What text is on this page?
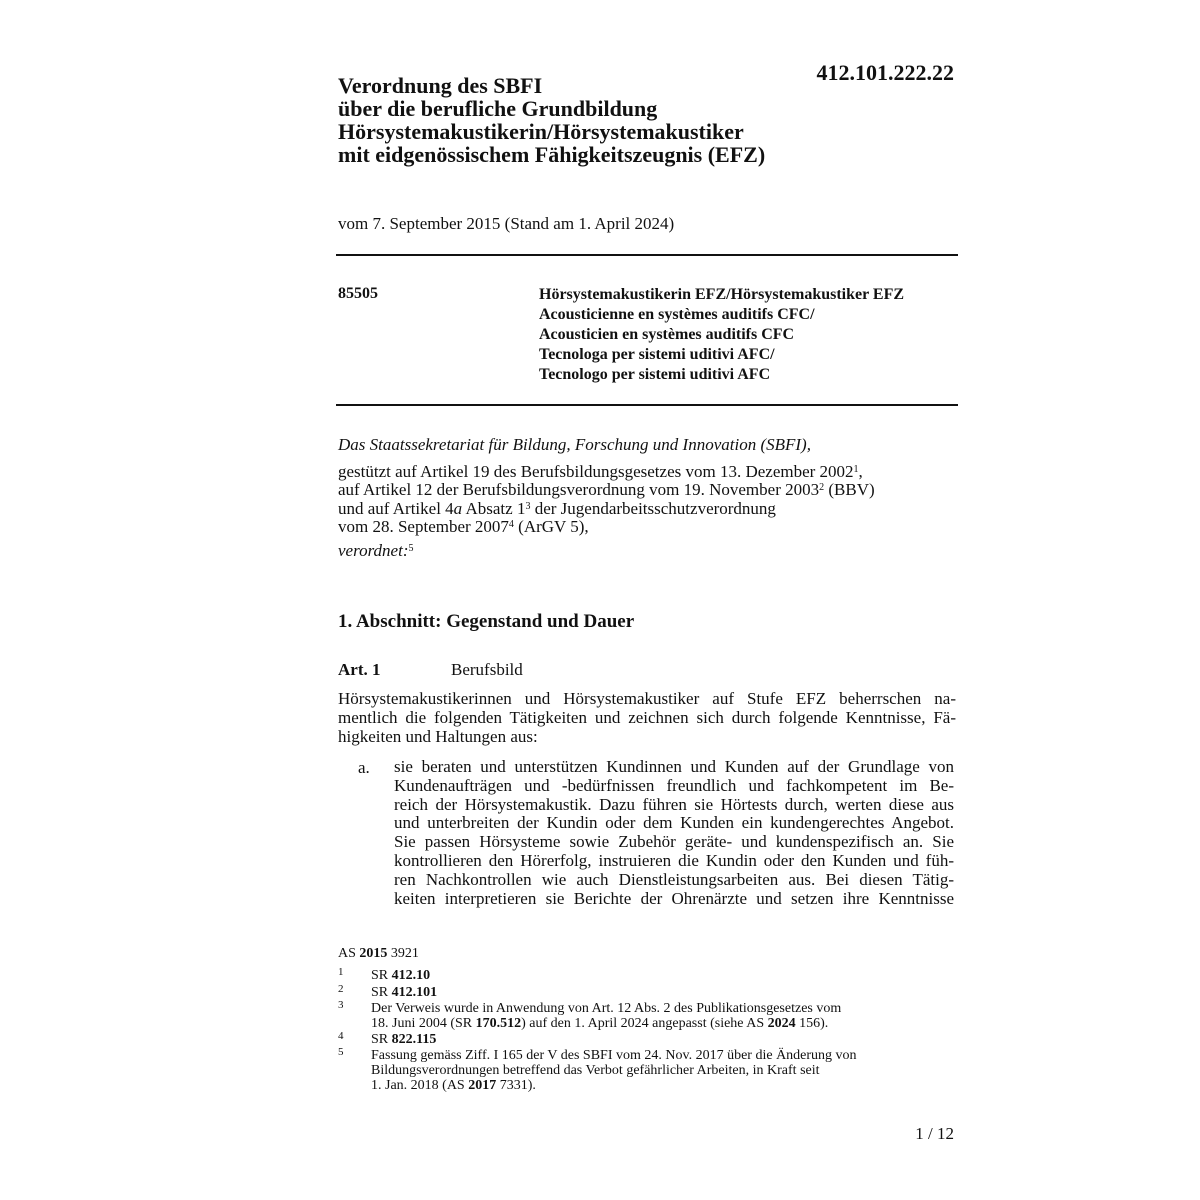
412.101.222.22
Verordnung des SBFI
über die berufliche Grundbildung
Hörsystemakustikerin/Hörsystemakustiker
mit eidgenössischem Fähigkeitszeugnis (EFZ)
vom 7. September 2015 (Stand am 1. April 2024)
85505	Hörsystemakustikerin EFZ/Hörsystemakustiker EFZ
Acousticienne en systèmes auditifs CFC/
Acousticien en systèmes auditifs CFC
Tecnologa per sistemi uditivi AFC/
Tecnologo per sistemi uditivi AFC
Das Staatssekretariat für Bildung, Forschung und Innovation (SBFI),
gestützt auf Artikel 19 des Berufsbildungsgesetzes vom 13. Dezember 2002$^1$,
auf Artikel 12 der Berufsbildungsverordnung vom 19. November 2003$^2$ (BBV)
und auf Artikel 4a Absatz $1^3$ der Jugendarbeitsschutzverordnung
vom 28. September 2007$^4$ (ArGV 5),
verordnet:$^5$
1. Abschnitt: Gegenstand und Dauer
Art. 1	Berufsbild
Hörsystemakustikerinnen und Hörsystemakustiker auf Stufe EFZ beherrschen na-
mentlich die folgenden Tätigkeiten und zeichnen sich durch folgende Kenntnisse, Fä-
higkeiten und Haltungen aus:
a. sie beraten und unterstützen Kundinnen und Kunden auf der Grundlage von
Kundenaufträgen und -bedürfnissen freundlich und fachkompetent im Be-
reich der Hörsystemakustik. Dazu führen sie Hörtests durch, werten diese aus
und unterbreiten der Kundin oder dem Kunden ein kundengerechtes Angebot.
Sie passen Hörsysteme sowie Zubehör geräte- und kundenspezifisch an. Sie
kontrollieren den Hörerfolg, instruieren die Kundin oder den Kunden und füh-
ren Nachkontrollen wie auch Dienstleistungsarbeiten aus. Bei diesen Tätig-
keiten interpretieren sie Berichte der Ohrenärzte und setzen ihre Kenntnisse
AS 2015 3921
1 SR 412.10
2 SR 412.101
3 Der Verweis wurde in Anwendung von Art. 12 Abs. 2 des Publikationsgesetzes vom
18. Juni 2004 (SR 170.512) auf den 1. April 2024 angepasst (siehe AS 2024 156).
4 SR 822.115
5 Fassung gemäss Ziff. I 165 der V des SBFI vom 24. Nov. 2017 über die Änderung von
Bildungsverordnungen betreffend das Verbot gefährlicher Arbeiten, in Kraft seit
1. Jan. 2018 (AS 2017 7331).
1 / 12
